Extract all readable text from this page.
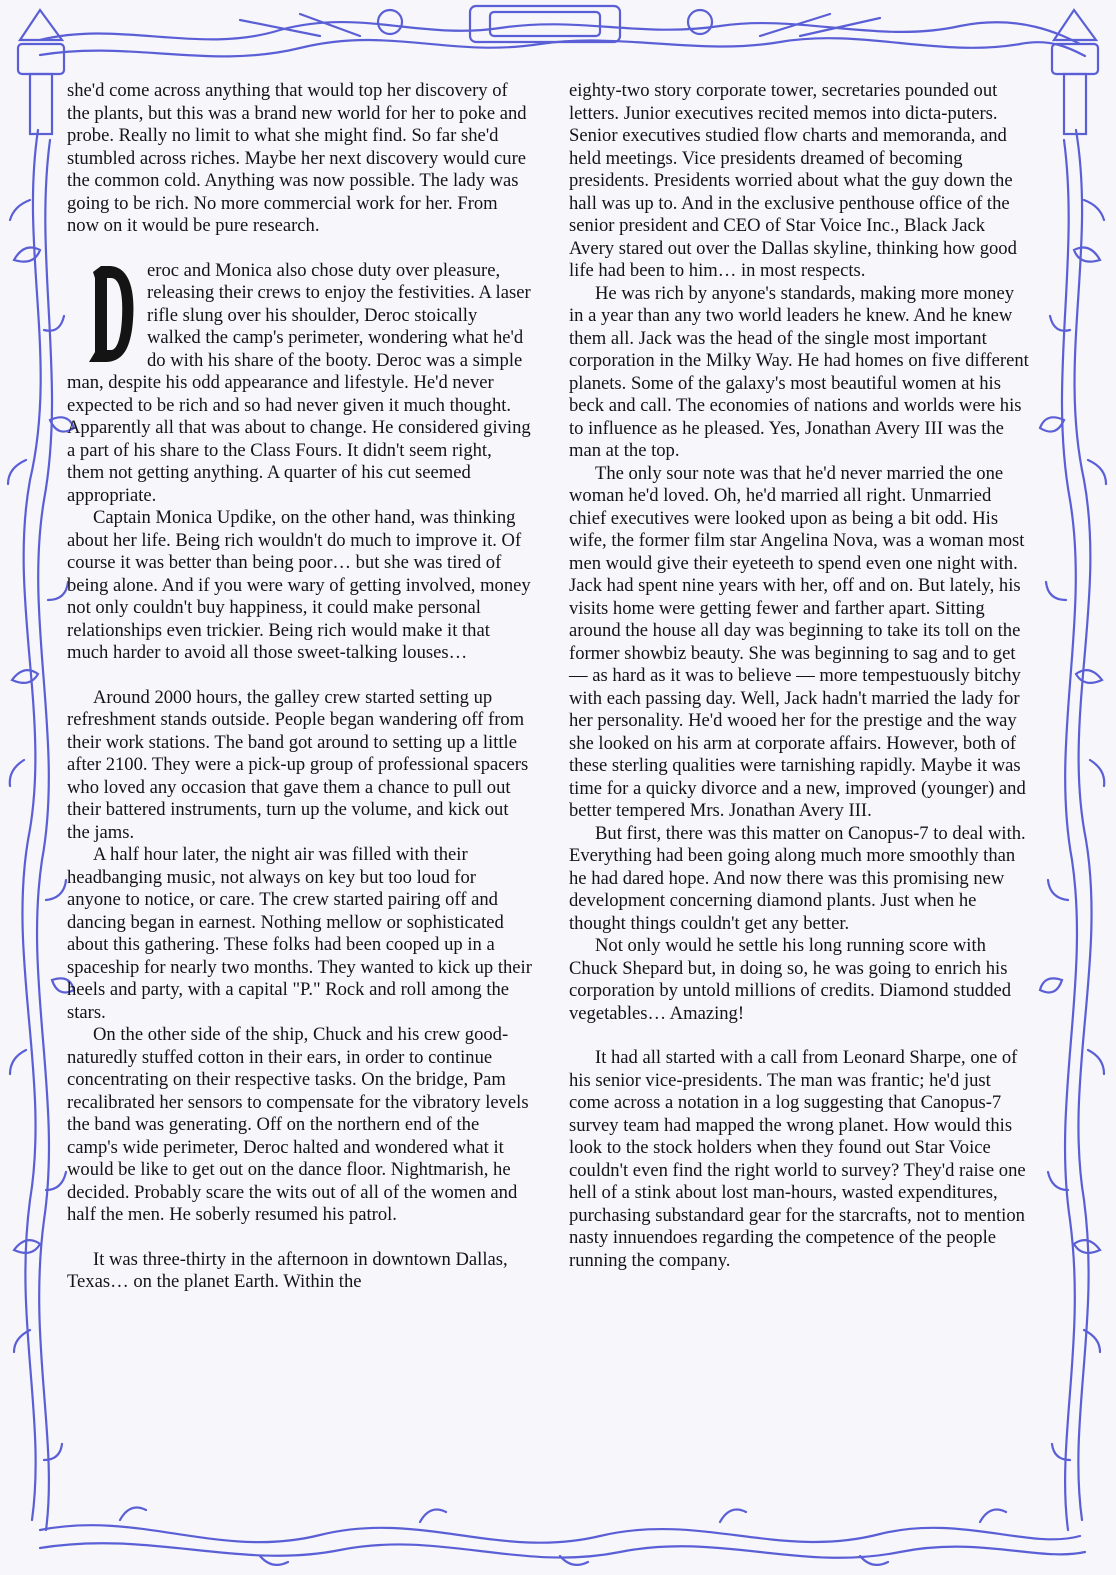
she'd come across anything that would top her discovery of the plants, but this was a brand new world for her to poke and probe. Really no limit to what she might find. So far she'd stumbled across riches. Maybe her next discovery would cure the common cold. Anything was now possible. The lady was going to be rich. No more commercial work for her. From now on it would be pure research.

eroc and Monica also chose duty over pleasure, releasing their crews to enjoy the festivities. A laser rifle slung over his shoulder, Deroc stoically walked the camp's perimeter, wondering what he'd do with his share of the booty. Deroc was a simple man, despite his odd appearance and lifestyle. He'd never expected to be rich and so had never given it much thought. Apparently all that was about to change. He considered giving a part of his share to the Class Fours. It didn't seem right, them not getting anything. A quarter of his cut seemed appropriate.

Captain Monica Updike, on the other hand, was thinking about her life. Being rich wouldn't do much to improve it. Of course it was better than being poor… but she was tired of being alone. And if you were wary of getting involved, money not only couldn't buy happiness, it could make personal relationships even trickier. Being rich would make it that much harder to avoid all those sweet-talking louses…

Around 2000 hours, the galley crew started setting up refreshment stands outside. People began wandering off from their work stations. The band got around to setting up a little after 2100. They were a pick-up group of professional spacers who loved any occasion that gave them a chance to pull out their battered instruments, turn up the volume, and kick out the jams.

A half hour later, the night air was filled with their headbanging music, not always on key but too loud for anyone to notice, or care. The crew started pairing off and dancing began in earnest. Nothing mellow or sophisticated about this gathering. These folks had been cooped up in a spaceship for nearly two months. They wanted to kick up their heels and party, with a capital "P." Rock and roll among the stars.

On the other side of the ship, Chuck and his crew good-naturedly stuffed cotton in their ears, in order to continue concentrating on their respective tasks. On the bridge, Pam recalibrated her sensors to compensate for the vibratory levels the band was generating. Off on the northern end of the camp's wide perimeter, Deroc halted and wondered what it would be like to get out on the dance floor. Nightmarish, he decided. Probably scare the wits out of all of the women and half the men. He soberly resumed his patrol.

It was three-thirty in the afternoon in downtown Dallas, Texas… on the planet Earth. Within the

eighty-two story corporate tower, secretaries pounded out letters. Junior executives recited memos into dicta-puters. Senior executives studied flow charts and memoranda, and held meetings. Vice presidents dreamed of becoming presidents. Presidents worried about what the guy down the hall was up to. And in the exclusive penthouse office of the senior president and CEO of Star Voice Inc., Black Jack Avery stared out over the Dallas skyline, thinking how good life had been to him… in most respects.

He was rich by anyone's standards, making more money in a year than any two world leaders he knew. And he knew them all. Jack was the head of the single most important corporation in the Milky Way. He had homes on five different planets. Some of the galaxy's most beautiful women at his beck and call. The economies of nations and worlds were his to influence as he pleased. Yes, Jonathan Avery III was the man at the top.

The only sour note was that he'd never married the one woman he'd loved. Oh, he'd married all right. Unmarried chief executives were looked upon as being a bit odd. His wife, the former film star Angelina Nova, was a woman most men would give their eyeteeth to spend even one night with. Jack had spent nine years with her, off and on. But lately, his visits home were getting fewer and farther apart. Sitting around the house all day was beginning to take its toll on the former showbiz beauty. She was beginning to sag and to get — as hard as it was to believe — more tempestuously bitchy with each passing day. Well, Jack hadn't married the lady for her personality. He'd wooed her for the prestige and the way she looked on his arm at corporate affairs. However, both of these sterling qualities were tarnishing rapidly. Maybe it was time for a quicky divorce and a new, improved (younger) and better tempered Mrs. Jonathan Avery III.

But first, there was this matter on Canopus-7 to deal with. Everything had been going along much more smoothly than he had dared hope. And now there was this promising new development concerning diamond plants. Just when he thought things couldn't get any better.

Not only would he settle his long running score with Chuck Shepard but, in doing so, he was going to enrich his corporation by untold millions of credits. Diamond studded vegetables… Amazing!

It had all started with a call from Leonard Sharpe, one of his senior vice-presidents. The man was frantic; he'd just come across a notation in a log suggesting that Canopus-7 survey team had mapped the wrong planet. How would this look to the stock holders when they found out Star Voice couldn't even find the right world to survey? They'd raise one hell of a stink about lost man-hours, wasted expenditures, purchasing substandard gear for the starcrafts, not to mention nasty innuendoes regarding the competence of the people running the company.
